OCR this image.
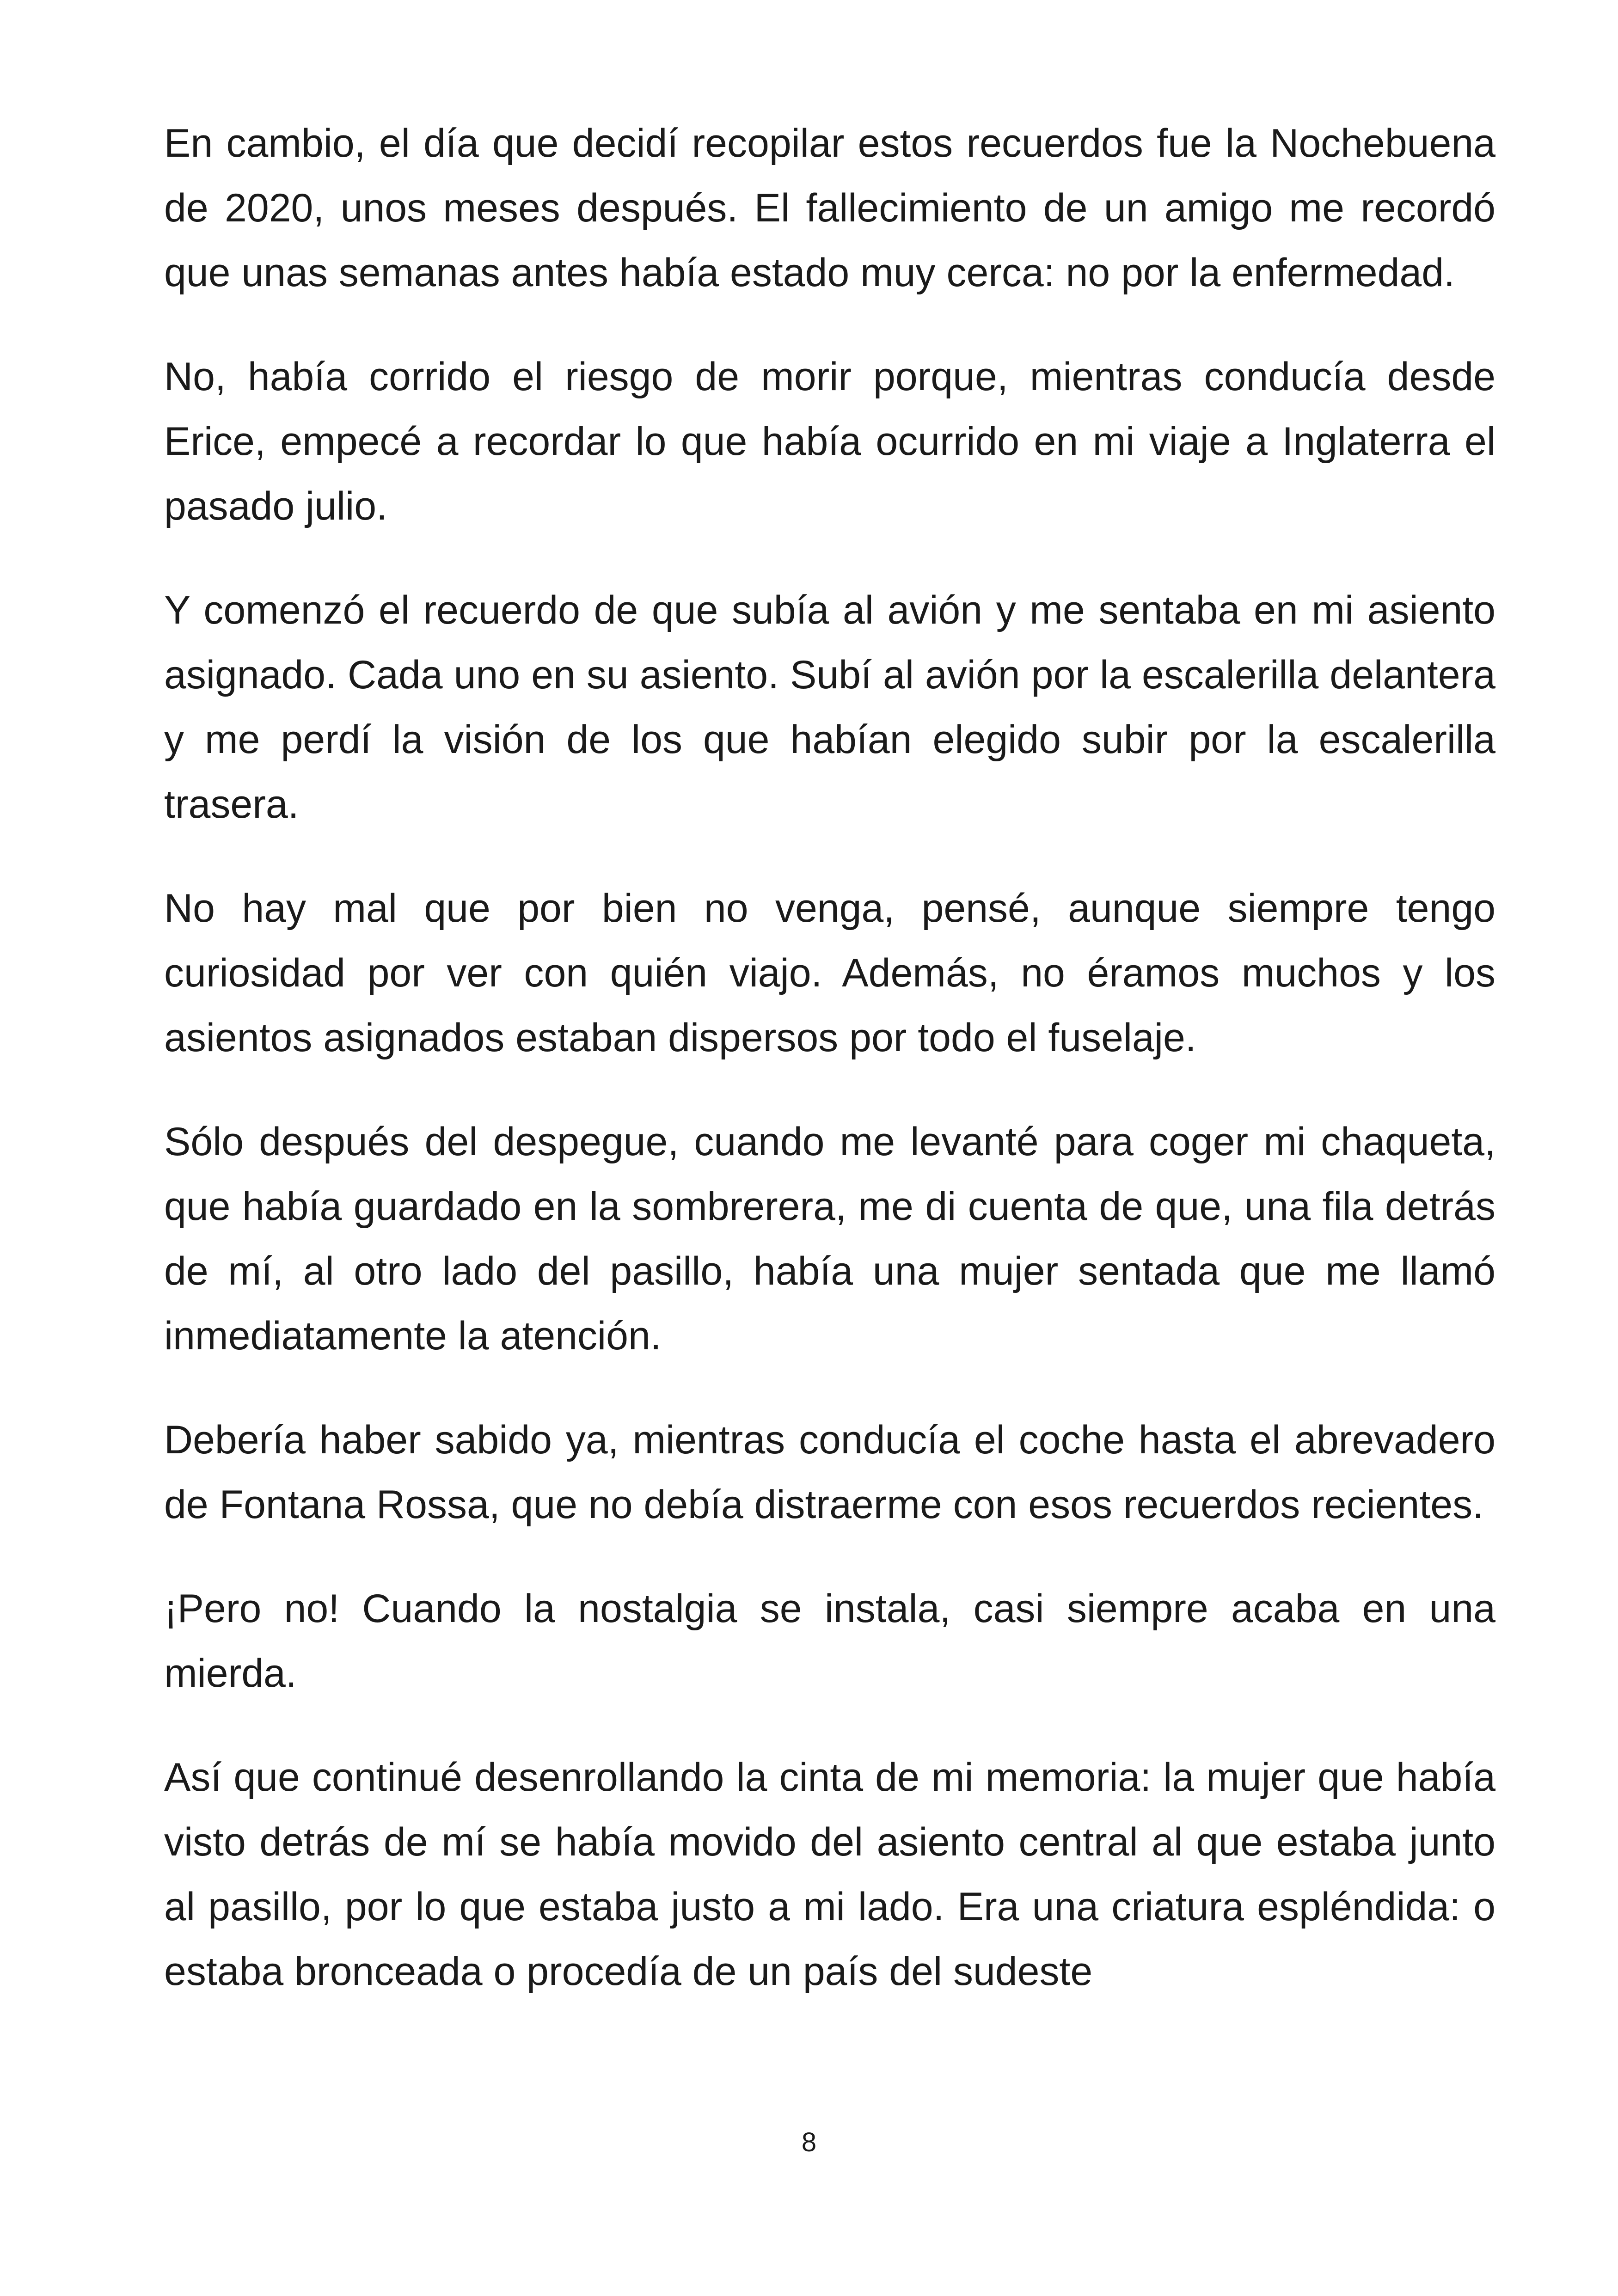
En cambio, el día que decidí recopilar estos recuerdos fue la Nochebuena de 2020, unos meses después. El fallecimiento de un amigo me recordó que unas semanas antes había estado muy cerca: no por la enfermedad.

No, había corrido el riesgo de morir porque, mientras conducía desde Erice, empecé a recordar lo que había ocurrido en mi viaje a Inglaterra el pasado julio.

Y comenzó el recuerdo de que subía al avión y me sentaba en mi asiento asignado. Cada uno en su asiento. Subí al avión por la escalerilla delantera y me perdí la visión de los que habían elegido subir por la escalerilla trasera.

No hay mal que por bien no venga, pensé, aunque siempre tengo curiosidad por ver con quién viajo. Además, no éramos muchos y los asientos asignados estaban dispersos por todo el fuselaje.

Sólo después del despegue, cuando me levanté para coger mi chaqueta, que había guardado en la sombrerera, me di cuenta de que, una fila detrás de mí, al otro lado del pasillo, había una mujer sentada que me llamó inmediatamente la atención.

Debería haber sabido ya, mientras conducía el coche hasta el abrevadero de Fontana Rossa, que no debía distraerme con esos recuerdos recientes.

¡Pero no! Cuando la nostalgia se instala, casi siempre acaba en una mierda.

Así que continué desenrollando la cinta de mi memoria: la mujer que había visto detrás de mí se había movido del asiento central al que estaba junto al pasillo, por lo que estaba justo a mi lado. Era una criatura espléndida: o estaba bronceada o procedía de un país del sudeste

8
